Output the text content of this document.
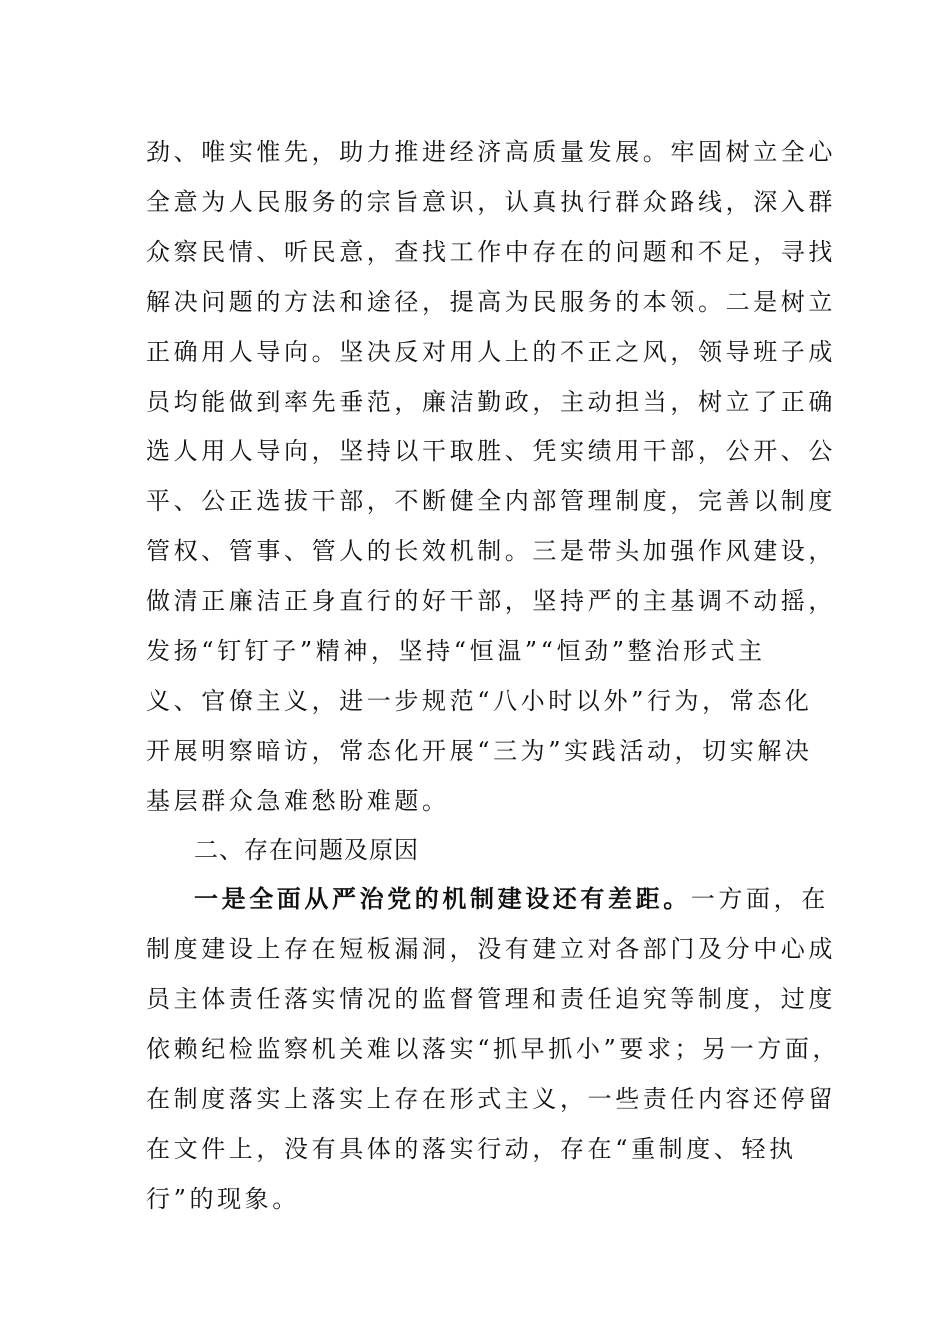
劲、唯实惟先，助力推进经济高质量发展。牢固树立全心
全意为人民服务的宗旨意识，认真执行群众路线，深入群
众察民情、听民意，查找工作中存在的问题和不足，寻找
解决问题的方法和途径，提高为民服务的本领。二是树立
正确用人导向。坚决反对用人上的不正之风，领导班子成
员均能做到率先垂范，廉洁勤政，主动担当，树立了正确
选人用人导向，坚持以干取胜、凭实绩用干部，公开、公
平、公正选拔干部，不断健全内部管理制度，完善以制度
管权、管事、管人的长效机制。三是带头加强作风建设，
做清正廉洁正身直行的好干部，坚持严的主基调不动摇，
发扬“钉钉子”精神，坚持“恒温”“恒劲”整治形式主
义、官僚主义，进一步规范“八小时以外”行为，常态化
开展明察暗访，常态化开展“三为”实践活动，切实解决
基层群众急难愁盼难题。
二、存在问题及原因
一是全面从严治党的机制建设还有差距。一方面，在
制度建设上存在短板漏洞，没有建立对各部门及分中心成
员主体责任落实情况的监督管理和责任追究等制度，过度
依赖纪检监察机关难以落实“抓早抓小”要求；另一方面，
在制度落实上落实上存在形式主义，一些责任内容还停留
在文件上，没有具体的落实行动，存在“重制度、轻执
行”的现象。
